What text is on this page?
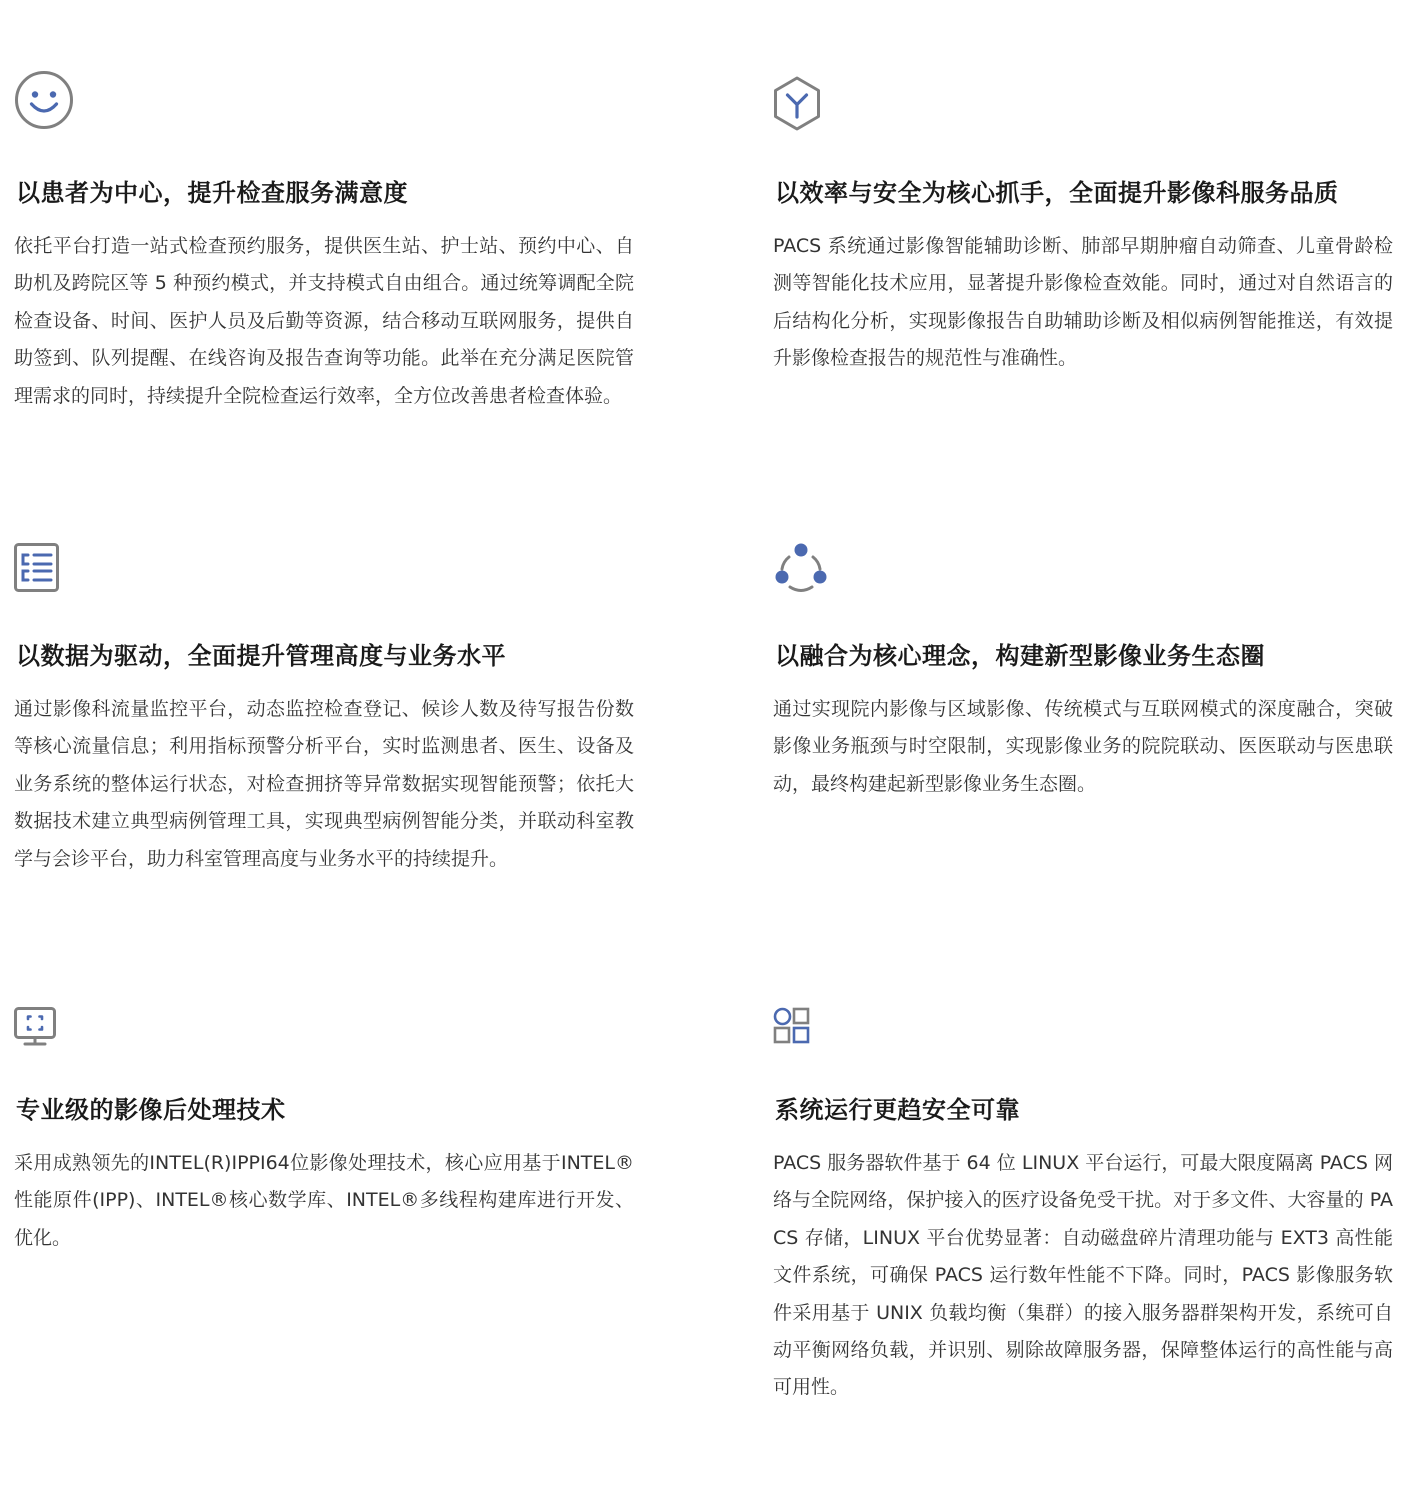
以患者为中心，提升检查服务满意度

依托平台打造一站式检查预约服务，提供医生站、护士站、预约中心、自助机及跨院区等 5 种预约模式，并支持模式自由组合。通过统筹调配全院检查设备、时间、医护人员及后勤等资源，结合移动互联网服务，提供自助签到、队列提醒、在线咨询及报告查询等功能。此举在充分满足医院管理需求的同时，持续提升全院检查运行效率，全方位改善患者检查体验。

以效率与安全为核心抓手，全面提升影像科服务品质

PACS 系统通过影像智能辅助诊断、肺部早期肿瘤自动筛查、儿童骨龄检测等智能化技术应用，显著提升影像检查效能。同时，通过对自然语言的后结构化分析，实现影像报告自助辅助诊断及相似病例智能推送，有效提升影像检查报告的规范性与准确性。

以数据为驱动，全面提升管理高度与业务水平

通过影像科流量监控平台，动态监控检查登记、候诊人数及待写报告份数等核心流量信息；利用指标预警分析平台，实时监测患者、医生、设备及业务系统的整体运行状态，对检查拥挤等异常数据实现智能预警；依托大数据技术建立典型病例管理工具，实现典型病例智能分类，并联动科室教学与会诊平台，助力科室管理高度与业务水平的持续提升。

以融合为核心理念，构建新型影像业务生态圈

通过实现院内影像与区域影像、传统模式与互联网模式的深度融合，突破影像业务瓶颈与时空限制，实现影像业务的院院联动、医医联动与医患联动，最终构建起新型影像业务生态圈。

专业级的影像后处理技术

采用成熟领先的INTEL(R)IPPI64位影像处理技术，核心应用基于INTEL®性能原件(IPP)、INTEL®核心数学库、INTEL®多线程构建库进行开发、优化。

系统运行更趋安全可靠

PACS 服务器软件基于 64 位 LINUX 平台运行，可最大限度隔离 PACS 网络与全院网络，保护接入的医疗设备免受干扰。对于多文件、大容量的 PACS 存储，LINUX 平台优势显著：自动磁盘碎片清理功能与 EXT3 高性能文件系统，可确保 PACS 运行数年性能不下降。同时，PACS 影像服务软件采用基于 UNIX 负载均衡（集群）的接入服务器群架构开发，系统可自动平衡网络负载，并识别、剔除故障服务器，保障整体运行的高性能与高可用性。
